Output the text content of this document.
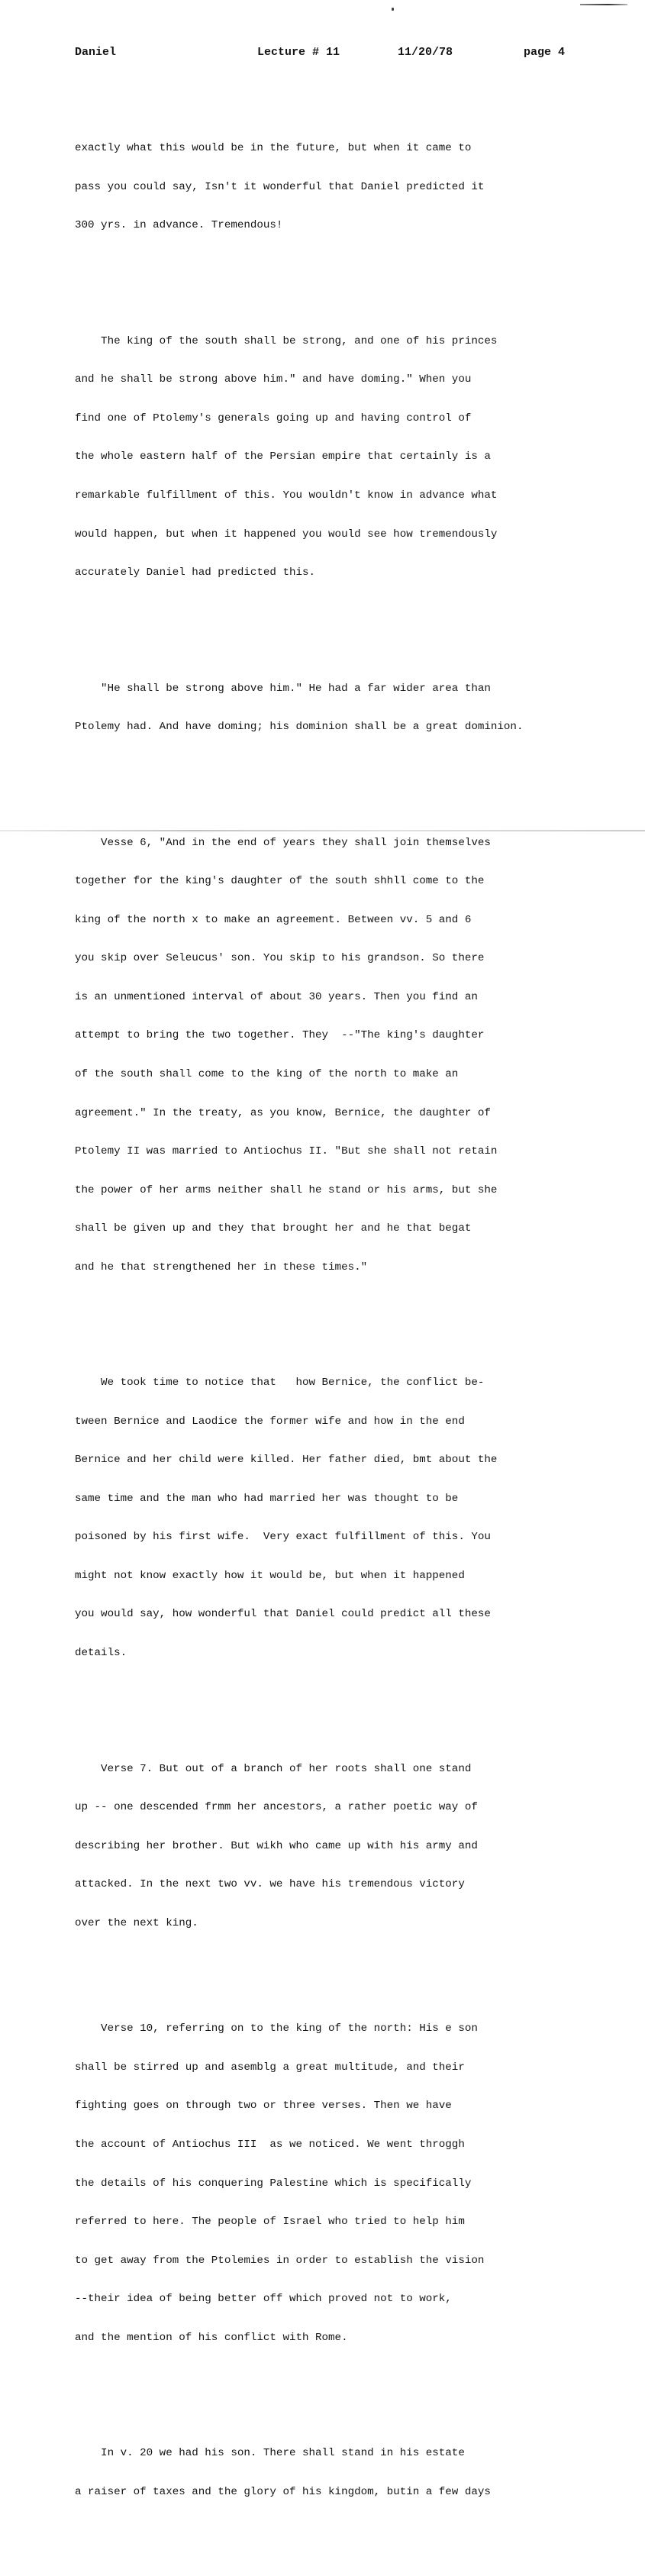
Daniel

	Lecture # 11

	11/20/78

	page 4

exactly what this would be in the future, but when it came to

pass you could say, Isn't it wonderful that Daniel predicted it

300 yrs. in advance. Tremendous!

The king of the south shall be strong, and one of his princes

and he shall be strong above him." and have doming." When you

find one of Ptolemy's generals going up and having control of

the whole eastern half of the Persian empire that certainly is a

remarkable fulfillment of this. You wouldn't know in advance what

would happen, but when it happened you would see how tremendously

accurately Daniel had predicted this.

"He shall be strong above him." He had a far wider area than

Ptolemy had. And have doming; his dominion shall be a great dominion.

Vesse 6, "And in the end of years they shall join themselves

together for the king's daughter of the south shhll come to the

king of the north x to make an agreement. Between vv. 5 and 6

you skip over Seleucus' son. You skip to his grandson. So there

is an unmentioned interval of about 30 years. Then you find an

attempt to bring the two together. They  --"The king's daughter

of the south shall come to the king of the north to make an

agreement." In the treaty, as you know, Bernice, the daughter of

Ptolemy II was married to Antiochus II. "But she shall not retain

the power of her arms neither shall he stand or his arms, but she

shall be given up and they that brought her and he that begat

and he that strengthened her in these times."

We took time to notice that   how Bernice, the conflict be-

tween Bernice and Laodice the former wife and how in the end

Bernice and her child were killed. Her father died, bmt about the

same time and the man who had married her was thought to be

poisoned by his first wife.  Very exact fulfillment of this. You

might not know exactly how it would be, but when it happened

you would say, how wonderful that Daniel could predict all these

details.

Verse 7. But out of a branch of her roots shall one stand

up -- one descended frmm her ancestors, a rather poetic way of

describing her brother. But wikh who came up with his army and

attacked. In the next two vv. we have his tremendous victory

over the next king.

Verse 10, referring on to the king of the north: His e son

shall be stirred up and asemblg a great multitude, and their

fighting goes on through two or three verses. Then we have

the account of Antiochus III  as we noticed. We went throggh

the details of his conquering Palestine which is specifically

referred to here. The people of Israel who tried to help him

to get away from the Ptolemies in order to establish the vision

--their idea of being better off which proved not to work,

and the mention of his conflict with Rome.

In v. 20 we had his son. There shall stand in his estate

a raiser of taxes and the glory of his kingdom, butin a few days
